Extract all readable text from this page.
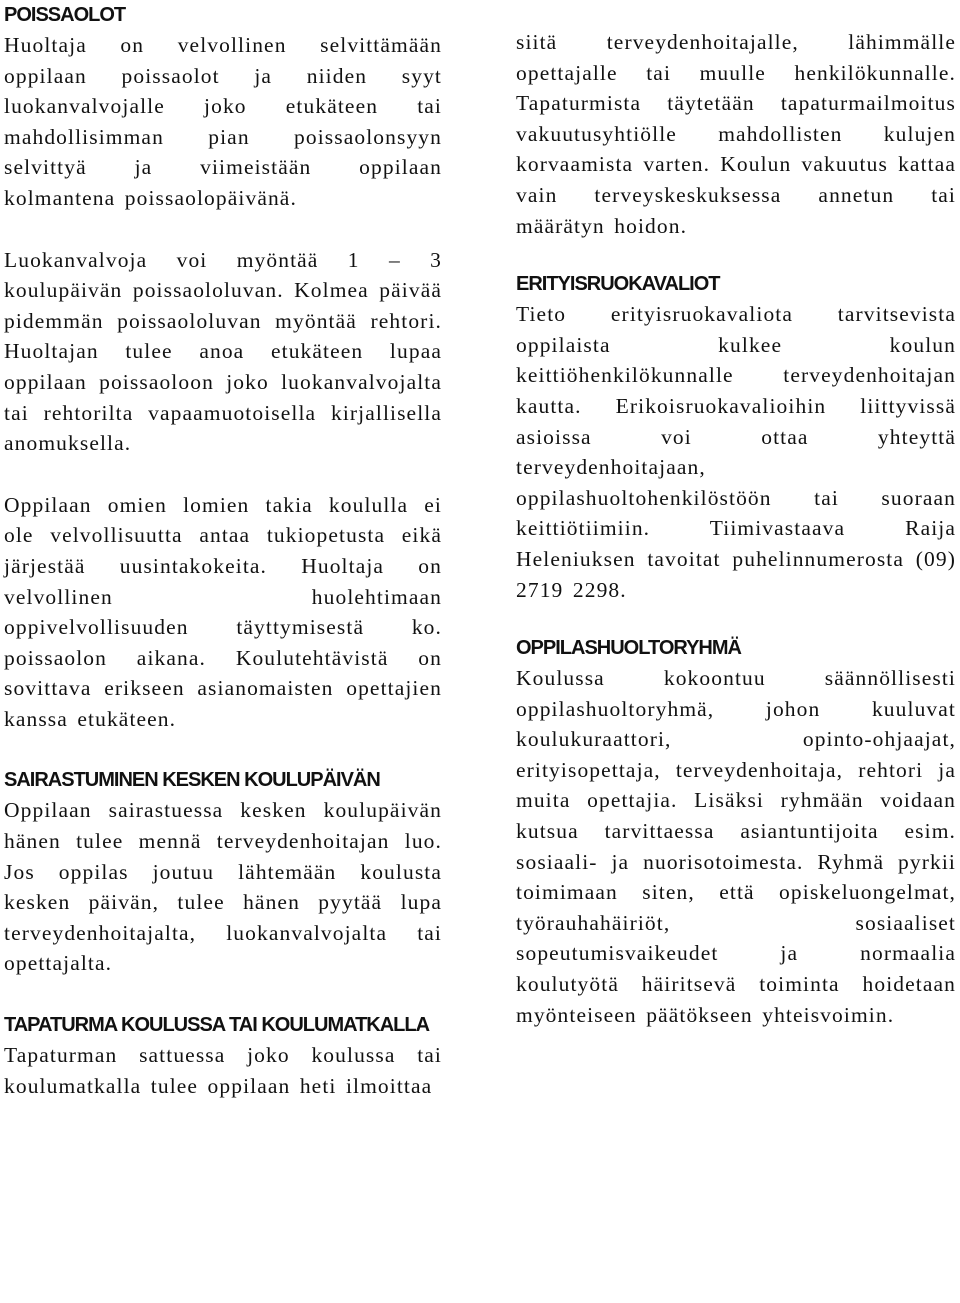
POISSAOLOT

Huoltaja on velvollinen selvittämään oppilaan poissaolot ja niiden syyt luokanvalvojalle joko etukäteen tai mahdollisimman pian poissaolonsyyn selvittyä ja viimeistään oppilaan kolmantena poissaolopäivänä.

Luokanvalvoja voi myöntää 1 – 3 koulupäivän poissaololuvan. Kolmea päivää pidemmän poissaololuvan myöntää rehtori. Huoltajan tulee anoa etukäteen lupaa oppilaan poissaoloon joko luokanvalvojalta tai rehtorilta vapaamuotoisella kirjallisella anomuksella.

Oppilaan omien lomien takia koululla ei ole velvollisuutta antaa tukiopetusta eikä järjestää uusintakokeita. Huoltaja on velvollinen huolehtimaan oppivelvollisuuden täyttymisestä ko. poissaolon aikana. Koulutehtävistä on sovittava erikseen asianomaisten opettajien kanssa etukäteen.

SAIRASTUMINEN KESKEN KOULUPÄIVÄN

Oppilaan sairastuessa kesken koulupäivän hänen tulee mennä terveydenhoitajan luo. Jos oppilas joutuu lähtemään koulusta kesken päivän, tulee hänen pyytää lupa terveydenhoitajalta, luokanvalvojalta tai opettajalta.

TAPATURMA KOULUSSA TAI KOULUMATKALLA

Tapaturman sattuessa joko koulussa tai koulumatkalla tulee oppilaan heti ilmoittaa

siitä terveydenhoitajalle, lähimmälle opettajalle tai muulle henkilökunnalle. Tapaturmista täytetään tapaturmailmoitus vakuutusyhtiölle mahdollisten kulujen korvaamista varten. Koulun vakuutus kattaa vain terveyskeskuksessa annetun tai määrätyn hoidon.

ERITYISRUOKAVALIOT

Tieto erityisruokavaliota tarvitsevista oppilaista kulkee koulun keittiöhenkilökunnalle terveydenhoitajan kautta. Erikoisruokavalioihin liittyvissä asioissa voi ottaa yhteyttä terveydenhoitajaan, oppilashuoltohenkilöstöön tai suoraan keittiötiimiin. Tiimivastaava Raija Heleniuksen tavoitat puhelinnumerosta (09) 2719 2298.

OPPILASHUOLTORYHMÄ

Koulussa kokoontuu säännöllisesti oppilashuoltoryhmä, johon kuuluvat koulukuraattori, opinto-ohjaajat, erityisopettaja, terveydenhoitaja, rehtori ja muita opettajia. Lisäksi ryhmään voidaan kutsua tarvittaessa asiantuntijoita esim. sosiaali- ja nuorisotoimesta. Ryhmä pyrkii toimimaan siten, että opiskeluongelmat, työrauhahäiriöt, sosiaaliset sopeutumisvaikeudet ja normaalia koulutyötä häiritsevä toiminta hoidetaan myönteiseen päätökseen yhteisvoimin.
